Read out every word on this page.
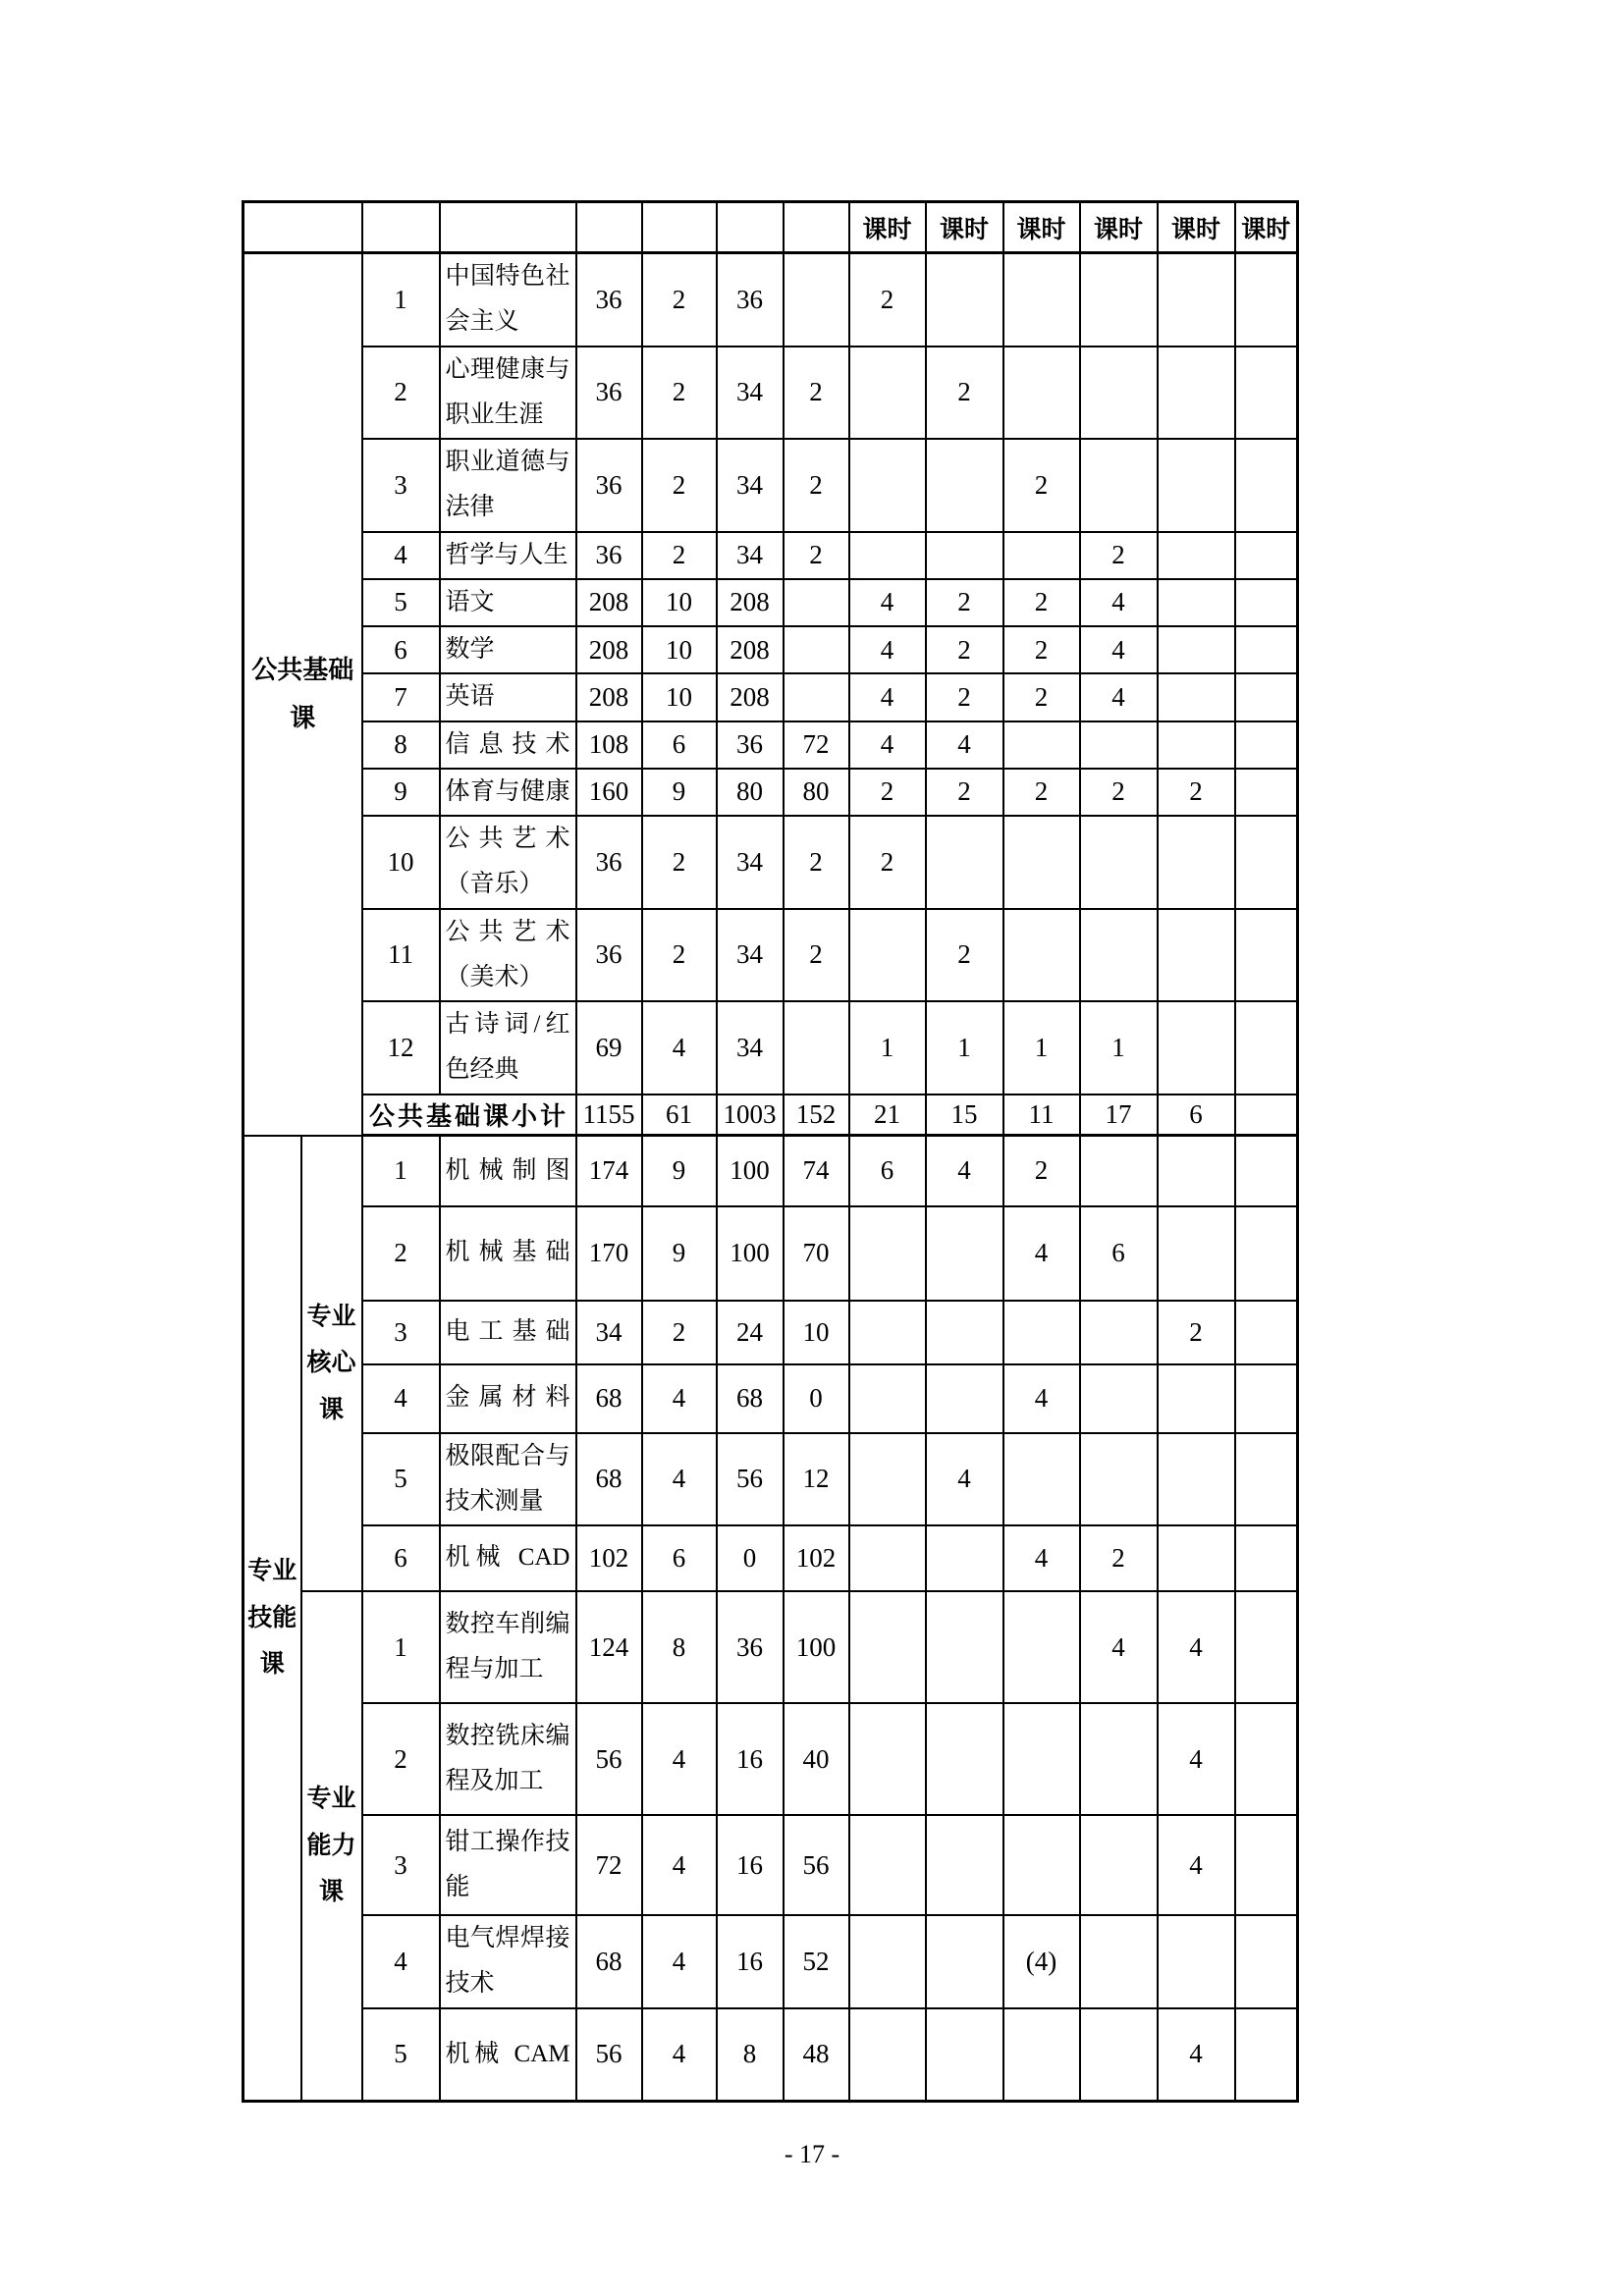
								课时	课时	课时	课时	课时	课时
公共基础课		1	中国特色社会主义	36	2	36		2					
		2	心理健康与职业生涯	36	2	34	2		2				
		3	职业道德与法律	36	2	34	2			2			
		4	哲学与人生	36	2	34	2				2		
		5	语文	208	10	208		4	2	2	4		
		6	数学	208	10	208		4	2	2	4		
		7	英语	208	10	208		4	2	2	4		
		8	信息技术	108	6	36	72	4	4				
		9	体育与健康	160	9	80	80	2	2	2	2	2	
		10	公共艺术（音乐）	36	2	34	2	2					
		11	公共艺术（美术）	36	2	34	2		2				
		12	古诗词/红色经典	69	4	34		1	1	1	1		
		公共基础课小计		1155	61	1003	152	21	15	11	17	6	
专业技能课	专业核心课	1	机械制图	174	9	100	74	6	4	2			
		2	机械基础	170	9	100	70			4	6		
		3	电工基础	34	2	24	10					2	
		4	金属材料	68	4	68	0			4			
		5	极限配合与技术测量	68	4	56	12		4				
		6	机械 CAD	102	6	0	102			4	2		
	专业能力课	1	数控车削编程与加工	124	8	36	100				4	4	
		2	数控铣床编程及加工	56	4	16	40					4	
		3	钳工操作技能	72	4	16	56					4	
		4	电气焊焊接技术	68	4	16	52			(4)			
		5	机械 CAM	56	4	8	48					4	
- 17 -
